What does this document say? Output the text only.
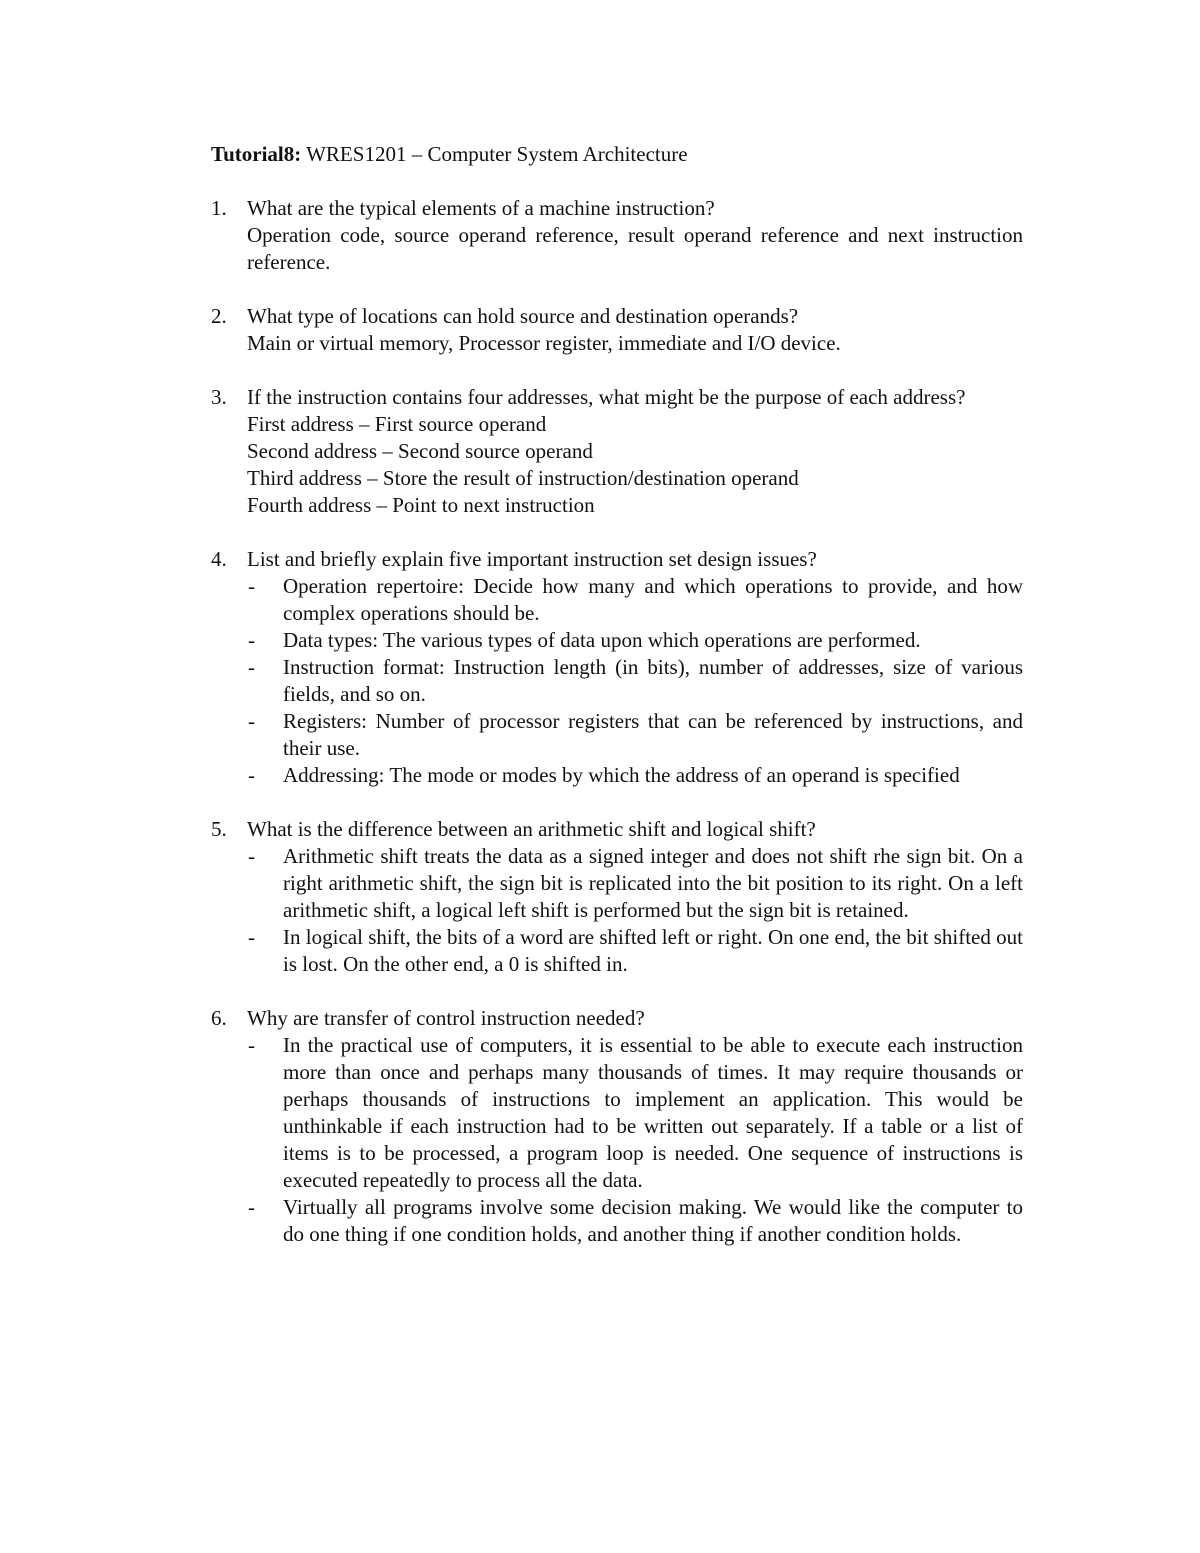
Tutorial8: WRES1201 – Computer System Architecture
1. What are the typical elements of a machine instruction?
Operation code, source operand reference, result operand reference and next instruction reference.
2. What type of locations can hold source and destination operands?
Main or virtual memory, Processor register, immediate and I/O device.
3. If the instruction contains four addresses, what might be the purpose of each address?
First address – First source operand
Second address – Second source operand
Third address – Store the result of instruction/destination operand
Fourth address – Point to next instruction
4. List and briefly explain five important instruction set design issues?
- Operation repertoire: Decide how many and which operations to provide, and how complex operations should be.
- Data types: The various types of data upon which operations are performed.
- Instruction format: Instruction length (in bits), number of addresses, size of various fields, and so on.
- Registers: Number of processor registers that can be referenced by instructions, and their use.
- Addressing: The mode or modes by which the address of an operand is specified
5. What is the difference between an arithmetic shift and logical shift?
- Arithmetic shift treats the data as a signed integer and does not shift rhe sign bit. On a right arithmetic shift, the sign bit is replicated into the bit position to its right. On a left arithmetic shift, a logical left shift is performed but the sign bit is retained.
- In logical shift, the bits of a word are shifted left or right. On one end, the bit shifted out is lost. On the other end, a 0 is shifted in.
6. Why are transfer of control instruction needed?
- In the practical use of computers, it is essential to be able to execute each instruction more than once and perhaps many thousands of times. It may require thousands or perhaps thousands of instructions to implement an application. This would be unthinkable if each instruction had to be written out separately. If a table or a list of items is to be processed, a program loop is needed. One sequence of instructions is executed repeatedly to process all the data.
- Virtually all programs involve some decision making. We would like the computer to do one thing if one condition holds, and another thing if another condition holds.
